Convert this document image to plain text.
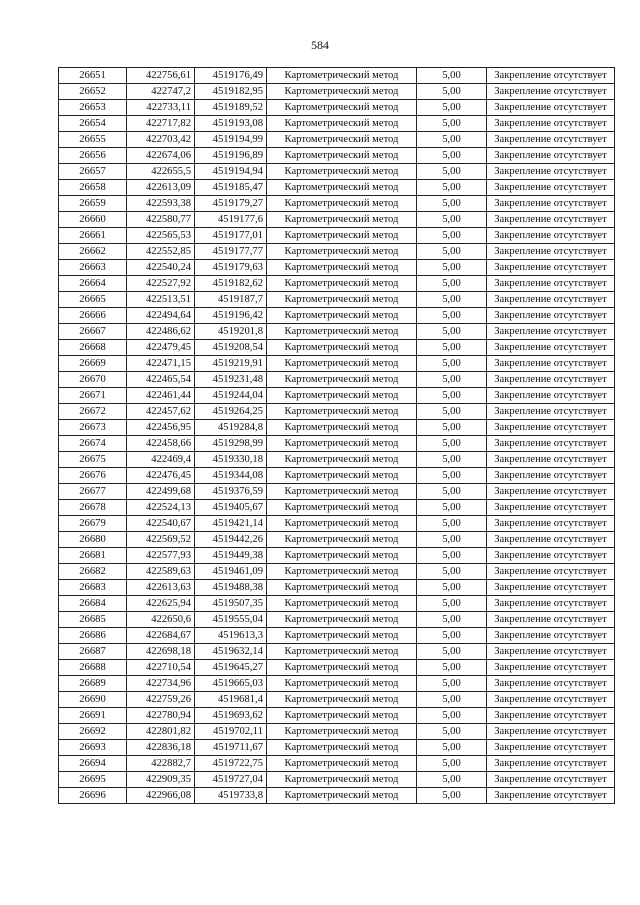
584
26651	422756,61	4519176,49	Картометрический метод	5,00	Закрепление отсутствует
26652	422747,2	4519182,95	Картометрический метод	5,00	Закрепление отсутствует
26653	422733,11	4519189,52	Картометрический метод	5,00	Закрепление отсутствует
26654	422717,82	4519193,08	Картометрический метод	5,00	Закрепление отсутствует
26655	422703,42	4519194,99	Картометрический метод	5,00	Закрепление отсутствует
26656	422674,06	4519196,89	Картометрический метод	5,00	Закрепление отсутствует
26657	422655,5	4519194,94	Картометрический метод	5,00	Закрепление отсутствует
26658	422613,09	4519185,47	Картометрический метод	5,00	Закрепление отсутствует
26659	422593,38	4519179,27	Картометрический метод	5,00	Закрепление отсутствует
26660	422580,77	4519177,6	Картометрический метод	5,00	Закрепление отсутствует
26661	422565,53	4519177,01	Картометрический метод	5,00	Закрепление отсутствует
26662	422552,85	4519177,77	Картометрический метод	5,00	Закрепление отсутствует
26663	422540,24	4519179,63	Картометрический метод	5,00	Закрепление отсутствует
26664	422527,92	4519182,62	Картометрический метод	5,00	Закрепление отсутствует
26665	422513,51	4519187,7	Картометрический метод	5,00	Закрепление отсутствует
26666	422494,64	4519196,42	Картометрический метод	5,00	Закрепление отсутствует
26667	422486,62	4519201,8	Картометрический метод	5,00	Закрепление отсутствует
26668	422479,45	4519208,54	Картометрический метод	5,00	Закрепление отсутствует
26669	422471,15	4519219,91	Картометрический метод	5,00	Закрепление отсутствует
26670	422465,54	4519231,48	Картометрический метод	5,00	Закрепление отсутствует
26671	422461,44	4519244,04	Картометрический метод	5,00	Закрепление отсутствует
26672	422457,62	4519264,25	Картометрический метод	5,00	Закрепление отсутствует
26673	422456,95	4519284,8	Картометрический метод	5,00	Закрепление отсутствует
26674	422458,66	4519298,99	Картометрический метод	5,00	Закрепление отсутствует
26675	422469,4	4519330,18	Картометрический метод	5,00	Закрепление отсутствует
26676	422476,45	4519344,08	Картометрический метод	5,00	Закрепление отсутствует
26677	422499,68	4519376,59	Картометрический метод	5,00	Закрепление отсутствует
26678	422524,13	4519405,67	Картометрический метод	5,00	Закрепление отсутствует
26679	422540,67	4519421,14	Картометрический метод	5,00	Закрепление отсутствует
26680	422569,52	4519442,26	Картометрический метод	5,00	Закрепление отсутствует
26681	422577,93	4519449,38	Картометрический метод	5,00	Закрепление отсутствует
26682	422589,63	4519461,09	Картометрический метод	5,00	Закрепление отсутствует
26683	422613,63	4519488,38	Картометрический метод	5,00	Закрепление отсутствует
26684	422625,94	4519507,35	Картометрический метод	5,00	Закрепление отсутствует
26685	422650,6	4519555,04	Картометрический метод	5,00	Закрепление отсутствует
26686	422684,67	4519613,3	Картометрический метод	5,00	Закрепление отсутствует
26687	422698,18	4519632,14	Картометрический метод	5,00	Закрепление отсутствует
26688	422710,54	4519645,27	Картометрический метод	5,00	Закрепление отсутствует
26689	422734,96	4519665,03	Картометрический метод	5,00	Закрепление отсутствует
26690	422759,26	4519681,4	Картометрический метод	5,00	Закрепление отсутствует
26691	422780,94	4519693,62	Картометрический метод	5,00	Закрепление отсутствует
26692	422801,82	4519702,11	Картометрический метод	5,00	Закрепление отсутствует
26693	422836,18	4519711,67	Картометрический метод	5,00	Закрепление отсутствует
26694	422882,7	4519722,75	Картометрический метод	5,00	Закрепление отсутствует
26695	422909,35	4519727,04	Картометрический метод	5,00	Закрепление отсутствует
26696	422966,08	4519733,8	Картометрический метод	5,00	Закрепление отсутствует
